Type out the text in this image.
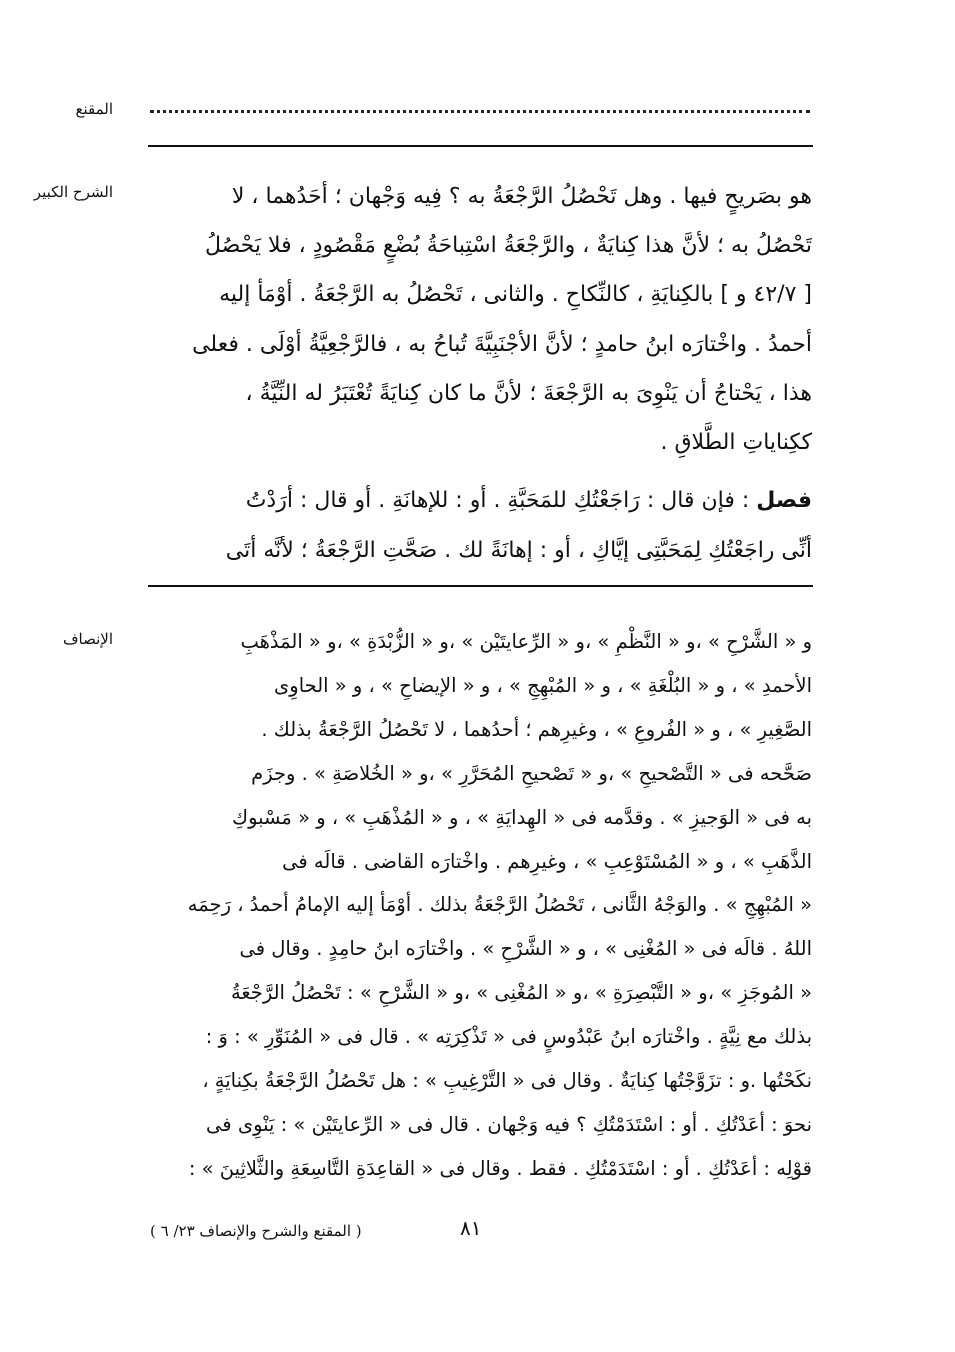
المقنع
الشرح الكبير	هو بصَريحٍ فيها . وهل تَحْصُلُ الرَّجْعَةُ به ؟ فِيه وَجْهان ؛ أحَدُهما ، لا
تَحْصُلُ به ؛ لأنَّ هذا كِنايَةٌ ، والرَّجْعَةُ اسْتِباحَةُ بُضْعٍ مَقْصُودٍ ، فلا يَحْصُلُ
[ ٤٢/٧ و ] بالكِنايَةِ ، كالنِّكاحِ . والثانى ، تَحْصُلُ به الرَّجْعَةُ . أوْمَأ إليه
أحمدُ . واخْتارَه ابنُ حامدٍ ؛ لأنَّ الأجْنَبِيَّةَ تُباحُ به ، فالرَّجْعِيَّةُ أوْلَى . فعلى
هذا ، يَحْتاجُ أن يَنْوِىَ به الرَّجْعَةَ ؛ لأنَّ ما كان كِنايَةً تُعْتَبَرُ له النِّيَّةُ ،
ككِناياتِ الطَّلاقِ .
فصل : فإن قال : رَاجَعْتُكِ للمَحَبَّةِ . أو : للإهانَةِ . أو قال : أرَدْتُ
أنِّى راجَعْتُكِ لِمَحَبَّتِى إيَّاكِ ، أو : إهانَةً لك . صَحَّتِ الرَّجْعَةُ ؛ لأنَّه أتَى
الإنصاف	و « الشَّرْحِ » ،و « النَّظْمِ » ،و « الرِّعايتَيْن » ،و « الزُّبْدَةِ » ،و « المَذْهَبِ
الأحمدِ » ، و « البُلْغَةِ » ، و « المُبْهِجِ » ، و « الإيضاحِ » ، و « الحاوِى
الصَّغِيرِ » ، و « الفُروعِ » ، وغيرِهم ؛ أحدُهما ، لا تَحْصُلُ الرَّجْعَةُ بذلك .
صَحَّحه فى « التَّصْحيحِ » ،و « تَصْحيحِ المُحَرَّرِ » ،و « الخُلاصَةِ » . وجزَم
به فى « الوَجيزِ » . وقدَّمه فى « الهِدايَةِ » ، و « المُذْهَبِ » ، و « مَسْبوكِ
الذَّهَبِ » ، و « المُسْتَوْعِبِ » ، وغيرِهم . واخْتارَه القاضى . قالَه فى
« المُبْهِجِ » . والوَجْهُ الثَّانى ، تَحْصُلُ الرَّجْعَةُ بذلك . أوْمَأ إليه الإمامُ أحمدُ ، رَحِمَه
اللهُ . قالَه فى « المُغْنِى » ، و « الشَّرْحِ » . واخْتارَه ابنُ حامِدٍ . وقال فى
« المُوجَزِ » ،و « التَّبْصِرَةِ » ،و « المُغْنِى » ،و « الشَّرْحِ » : تَحْصُلُ الرَّجْعَةُ
بذلك مع نِيَّةٍ . واخْتارَه ابنُ عَبْدُوسٍ فى « تَذْكِرَتِه » . قال فى « المُنَوِّرِ » : وَ :
نكَحْتُها .و : تزَوَّجْتُها كِنايَةٌ . وقال فى « التَّرْغِيبِ » : هل تَحْصُلُ الرَّجْعَةُ بكِنايَةٍ ،
نحوَ : أعَدْتُكِ . أو : اسْتَدَمْتُكِ ؟ فيه وَجْهان . قال فى « الرِّعايتَيْن » : يَنْوِى فى
قوْلِه : أعَدْتُكِ . أو : اسْتَدَمْتُكِ . فقط . وقال فى « القاعِدَةِ التَّاسِعَةِ والثَّلاثِينَ » :
٨١
( المقنع والشرح والإنصاف ٢٣/ ٦ )
